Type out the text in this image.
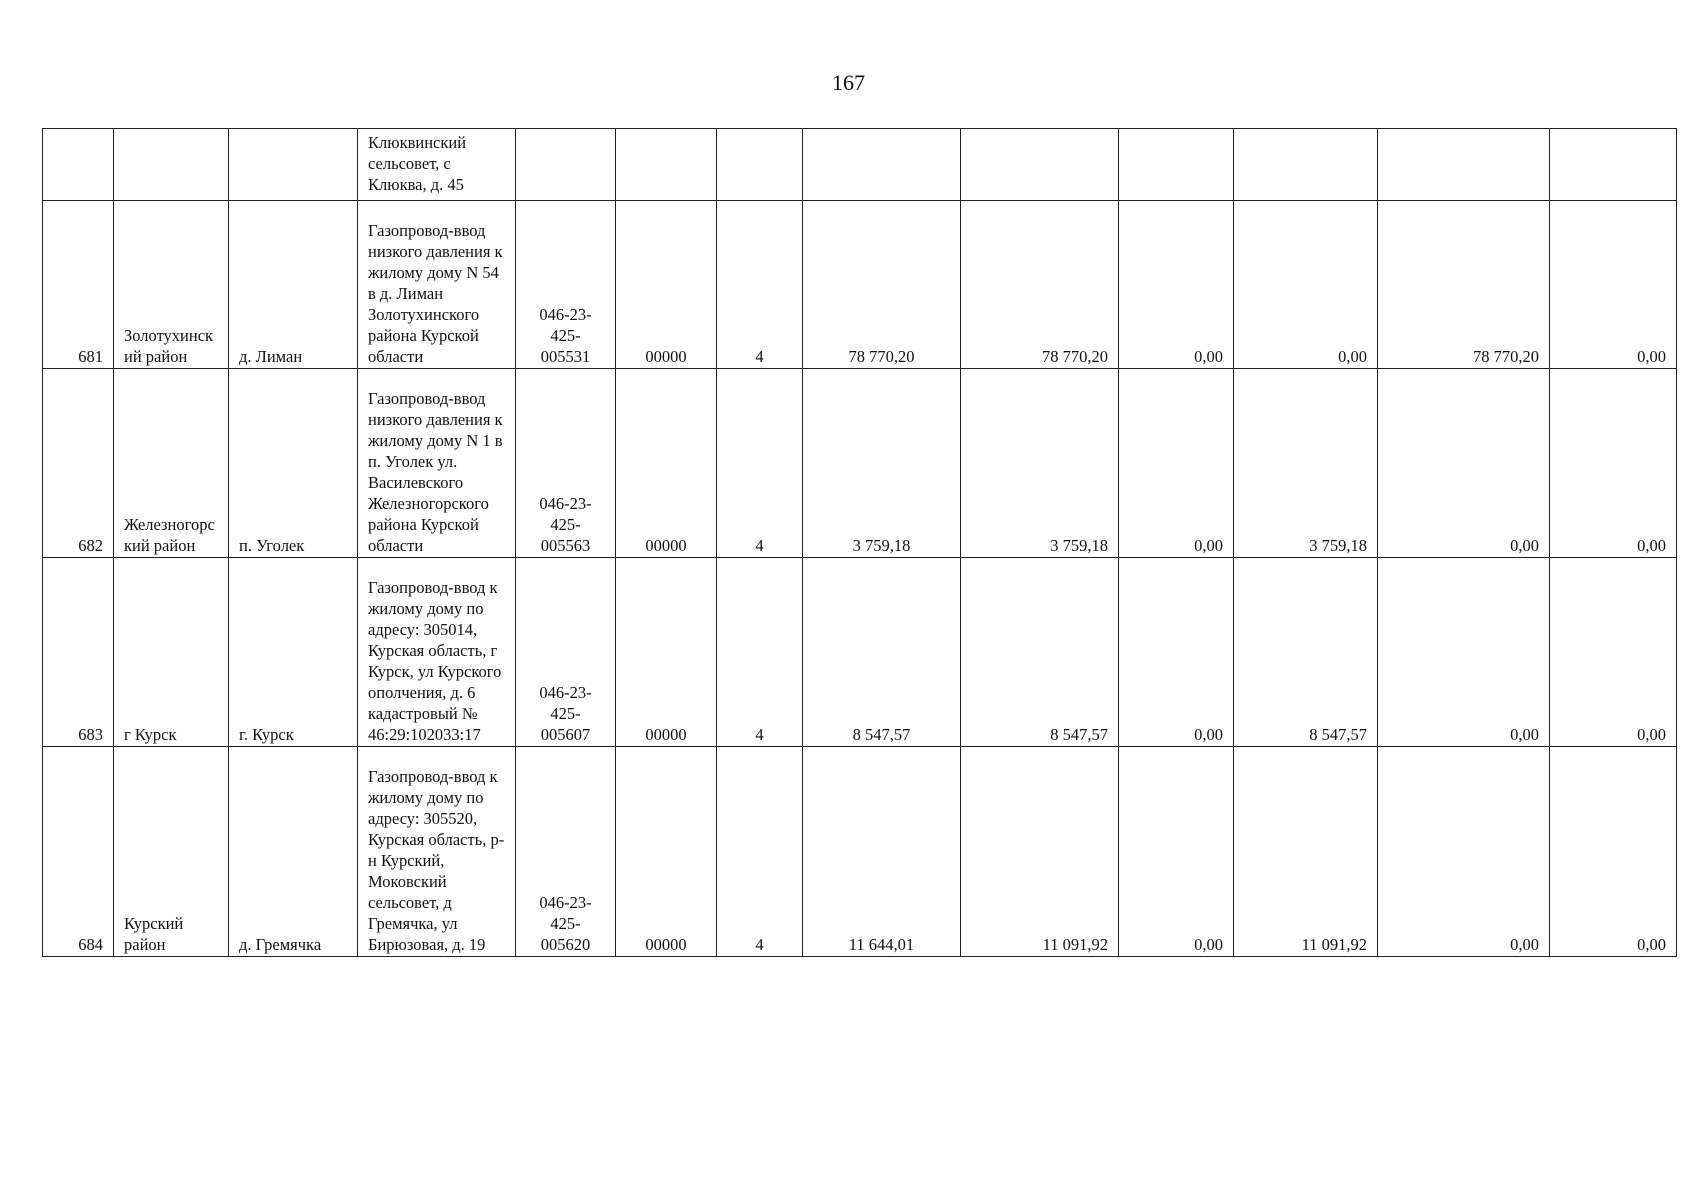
167
			Клюквинский сельсовет, с Клюква, д. 45									
681	Золотухинский район	д. Лиман	Газопровод-ввод низкого давления к жилому дому N 54 в д. Лиман Золотухинского района Курской области	046-23-425-005531	00000	4	78 770,20	78 770,20	0,00	0,00	78 770,20	0,00
682	Железногорский район	п. Уголек	Газопровод-ввод низкого давления к жилому дому N 1 в п. Уголек ул. Василевского Железногорского района Курской области	046-23-425-005563	00000	4	3 759,18	3 759,18	0,00	3 759,18	0,00	0,00
683	г Курск	г. Курск	Газопровод-ввод к жилому дому по адресу: 305014, Курская область, г Курск, ул Курского ополчения, д. 6 кадастровый № 46:29:102033:17	046-23-425-005607	00000	4	8 547,57	8 547,57	0,00	8 547,57	0,00	0,00
684	Курский район	д. Гремячка	Газопровод-ввод к жилому дому по адресу: 305520, Курская область, р-н Курский, Моковский сельсовет, д Гремячка, ул Бирюзовая, д. 19	046-23-425-005620	00000	4	11 644,01	11 091,92	0,00	11 091,92	0,00	0,00
